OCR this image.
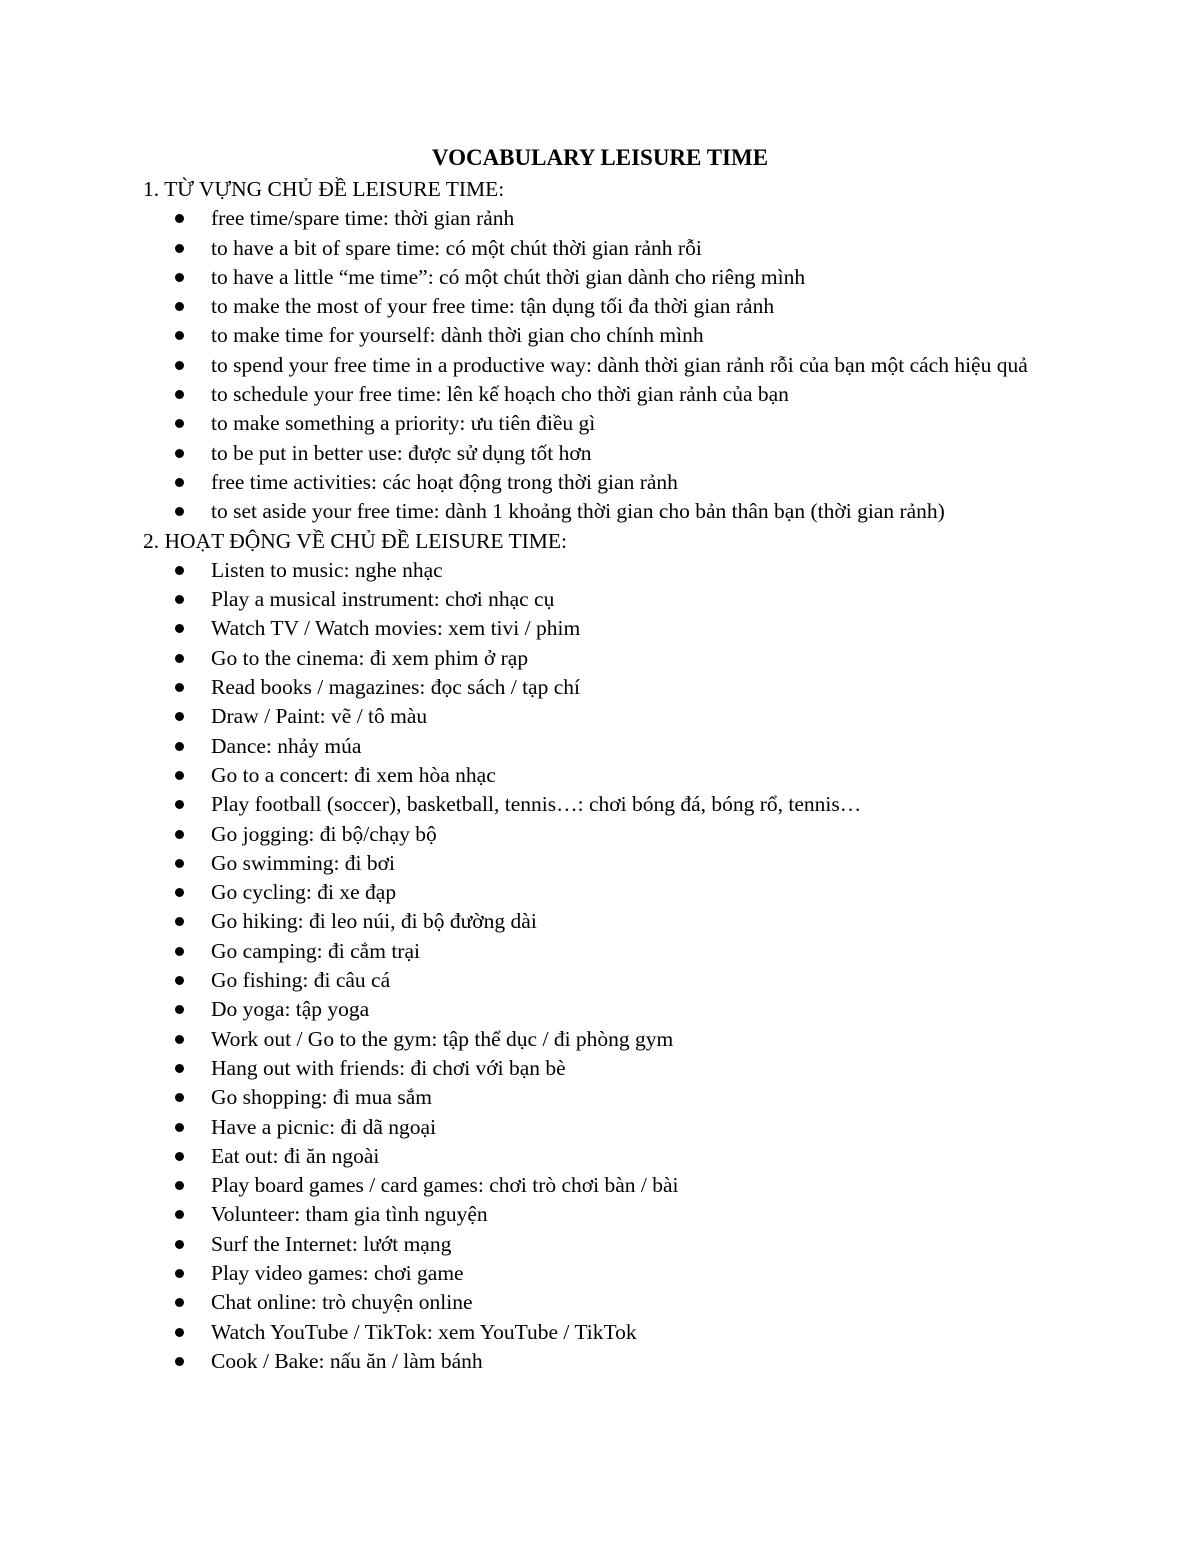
VOCABULARY LEISURE TIME

1. TỪ VỰNG CHỦ ĐỀ LEISURE TIME:

free time/spare time: thời gian rảnh
to have a bit of spare time: có một chút thời gian rảnh rỗi
to have a little “me time”: có một chút thời gian dành cho riêng mình
to make the most of your free time: tận dụng tối đa thời gian rảnh
to make time for yourself: dành thời gian cho chính mình
to spend your free time in a productive way: dành thời gian rảnh rỗi của bạn một cách hiệu quả
to schedule your free time: lên kế hoạch cho thời gian rảnh của bạn
to make something a priority: ưu tiên điều gì
to be put in better use: được sử dụng tốt hơn
free time activities: các hoạt động trong thời gian rảnh
to set aside your free time: dành 1 khoảng thời gian cho bản thân bạn (thời gian rảnh)

2. HOẠT ĐỘNG VỀ CHỦ ĐỀ LEISURE TIME:

Listen to music: nghe nhạc
Play a musical instrument: chơi nhạc cụ
Watch TV / Watch movies: xem tivi / phim
Go to the cinema: đi xem phim ở rạp
Read books / magazines: đọc sách / tạp chí
Draw / Paint: vẽ / tô màu
Dance: nhảy múa
Go to a concert: đi xem hòa nhạc
Play football (soccer), basketball, tennis…: chơi bóng đá, bóng rổ, tennis…
Go jogging: đi bộ/chạy bộ
Go swimming: đi bơi
Go cycling: đi xe đạp
Go hiking: đi leo núi, đi bộ đường dài
Go camping: đi cắm trại
Go fishing: đi câu cá
Do yoga: tập yoga
Work out / Go to the gym: tập thể dục / đi phòng gym
Hang out with friends: đi chơi với bạn bè
Go shopping: đi mua sắm
Have a picnic: đi dã ngoại
Eat out: đi ăn ngoài
Play board games / card games: chơi trò chơi bàn / bài
Volunteer: tham gia tình nguyện
Surf the Internet: lướt mạng
Play video games: chơi game
Chat online: trò chuyện online
Watch YouTube / TikTok: xem YouTube / TikTok
Cook / Bake: nấu ăn / làm bánh
